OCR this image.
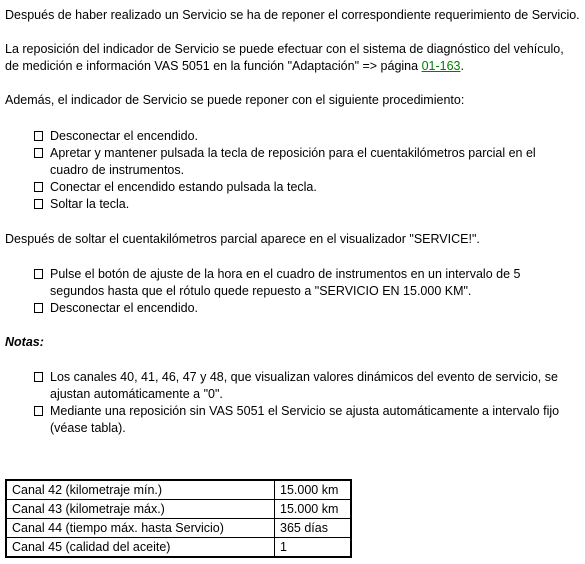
Después de haber realizado un Servicio se ha de reponer el correspondiente requerimiento de Servicio.

La reposición del indicador de Servicio se puede efectuar con el sistema de diagnóstico del vehículo, de medición e información VAS 5051 en la función "Adaptación" => página 01-163.

Además, el indicador de Servicio se puede reponer con el siguiente procedimiento:

Desconectar el encendido.
Apretar y mantener pulsada la tecla de reposición para el cuentakilómetros parcial en el cuadro de instrumentos.
Conectar el encendido estando pulsada la tecla.
Soltar la tecla.

Después de soltar el cuentakilómetros parcial aparece en el visualizador "SERVICE!".

Pulse el botón de ajuste de la hora en el cuadro de instrumentos en un intervalo de 5 segundos hasta que el rótulo quede repuesto a "SERVICIO EN 15.000 KM".
Desconectar el encendido.

Notas:

Los canales 40, 41, 46, 47 y 48, que visualizan valores dinámicos del evento de servicio, se ajustan automáticamente a "0".
Mediante una reposición sin VAS 5051 el Servicio se ajusta automáticamente a intervalo fijo (véase tabla).
Canal 42 (kilometraje mín.)	15.000 km
Canal 43 (kilometraje máx.)	15.000 km
Canal 44 (tiempo máx. hasta Servicio)	365 días
Canal 45 (calidad del aceite)	1
